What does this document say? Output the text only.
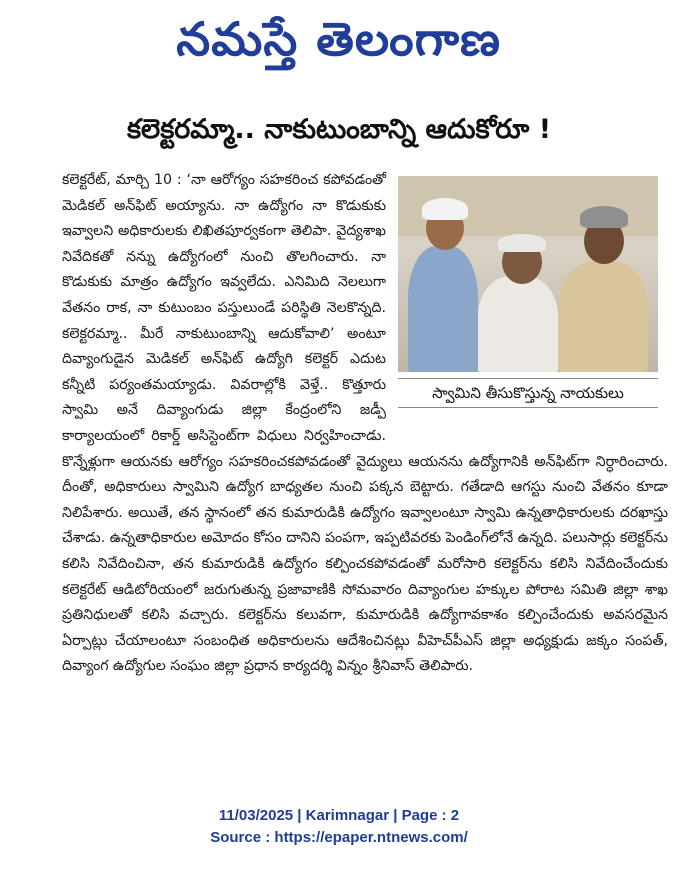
నమస్తే తెలంగాణ
కలెక్టరమ్మా.. నాకుటుంబాన్ని ఆదుకోరూ !
స్వామిని తీసుకొస్తున్న నాయకులు

కలెక్టరేట్, మార్చి 10 : ‘నా ఆరోగ్యం సహకరించ కపోవడంతో మెడికల్ అన్‌ఫిట్ అయ్యాను. నా ఉద్యోగం నా కొడుకుకు ఇవ్వాలని అధికారులకు లిఖితపూర్వకంగా తెలిపా. వైద్యశాఖ నివేదికతో నన్ను ఉద్యోగంలో నుంచి తొలగించారు. నా కొడుకుకు మాత్రం ఉద్యోగం ఇవ్వలేదు. ఎనిమిది నెలలుగా వేతనం రాక, నా కుటుంబం పస్తులుండే పరిస్థితి నెలకొన్నది. కలెక్టరమ్మా.. మీరే నాకుటుంబాన్ని ఆదుకోవాలి’ అంటూ దివ్యాంగుడైన మెడికల్ అన్‌ఫిట్ ఉద్యోగి కలెక్టర్ ఎదుట కన్నీటి పర్యంతమయ్యాడు. వివరాల్లోకి వెళ్తే.. కొత్తూరు స్వామి అనే దివ్యాంగుడు జిల్లా కేంద్రంలోని జడ్పీ కార్యాలయంలో రికార్డ్ అసిస్టెంట్‌గా విధులు నిర్వహించాడు. కొన్నేళ్లుగా ఆయనకు ఆరోగ్యం సహకరించకపోవడంతో వైద్యులు ఆయనను ఉద్యోగానికి అన్‌ఫిట్‌గా నిర్ధారించారు. దీంతో, అధికారులు స్వామిని ఉద్యోగ బాధ్యతల నుంచి పక్కన బెట్టారు. గతేడాది ఆగస్టు నుంచి వేతనం కూడా నిలిపేశారు. అయితే, తన స్థానంలో తన కుమారుడికి ఉద్యోగం ఇవ్వాలంటూ స్వామి ఉన్నతాధికారులకు దరఖాస్తు చేశాడు. ఉన్నతాధికారుల అమోదం కోసం దానిని పంపగా, ఇప్పటివరకు పెండింగ్‌లోనే ఉన్నది. పలుసార్లు కలెక్టర్‌ను కలిసి నివేదించినా, తన కుమారుడికి ఉద్యోగం కల్పించకపోవడంతో మరోసారి కలెక్టర్‌ను కలిసి నివేదించేందుకు కలెక్టరేట్ ఆడిటోరియంలో జరుగుతున్న ప్రజావాణికి సోమవారం దివ్యాంగుల హక్కుల పోరాట సమితి జిల్లా శాఖ ప్రతినిధులతో కలిసి వచ్చారు. కలెక్టర్‌ను కలువగా, కుమారుడికి ఉద్యోగావకాశం కల్పించేందుకు అవసరమైన ఏర్పాట్లు చేయాలంటూ సంబంధిత అధికారులను ఆదేశించినట్లు వీహెచ్‌పీఎస్ జిల్లా అధ్యక్షుడు జక్కం సంపత్, దివ్యాంగ ఉద్యోగుల సంఘం జిల్లా ప్రధాన కార్యదర్శి విన్నం శ్రీనివాస్ తెలిపారు.

11/03/2025 | Karimnagar | Page : 2
Source : https://epaper.ntnews.com/
